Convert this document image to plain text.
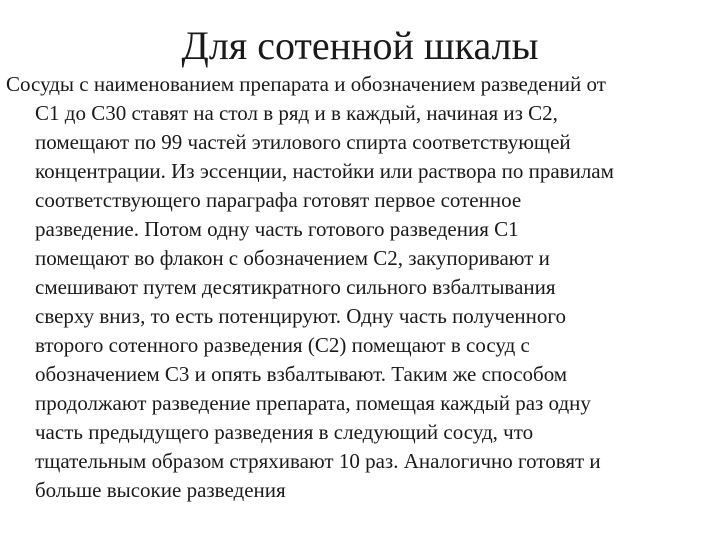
Для сотенной шкалы

Сосуды с наименованием препарата и обозначением разведений от
С1 до С30 ставят на стол в ряд и в каждый, начиная из С2,
помещают по 99 частей этилового спирта соответствующей
концентрации. Из эссенции, настойки или раствора по правилам
соответствующего параграфа готовят первое сотенное
разведение. Потом одну часть готового разведения С1
помещают во флакон с обозначением С2, закупоривают и
смешивают путем десятикратного сильного взбалтывания
сверху вниз, то есть потенцируют. Одну часть полученного
второго сотенного разведения (С2) помещают в сосуд с
обозначением С3 и опять взбалтывают. Таким же способом
продолжают разведение препарата, помещая каждый раз одну
часть предыдущего разведения в следующий сосуд, что
тщательным образом стряхивают 10 раз. Аналогично готовят и
больше высокие разведения
